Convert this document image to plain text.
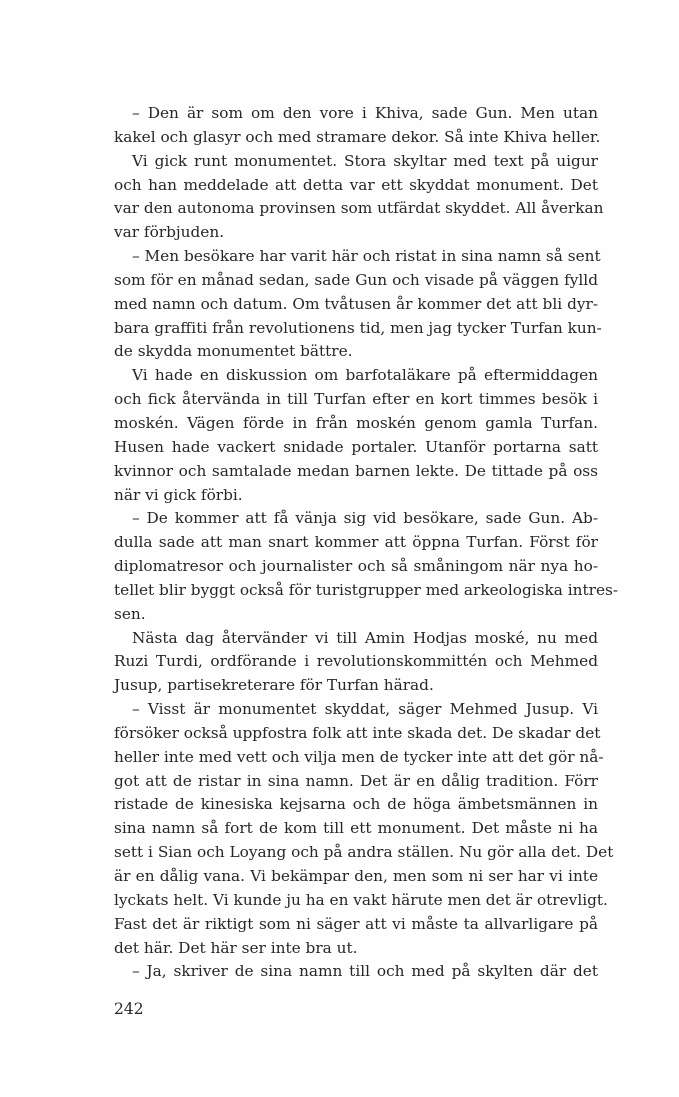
– Den är som om den vore i Khiva, sade Gun. Men utan
kakel och glasyr och med stramare dekor. Så inte Khiva heller.
Vi gick runt monumentet. Stora skyltar med text på uigur
och han meddelade att detta var ett skyddat monument. Det
var den autonoma provinsen som utfärdat skyddet. All åverkan
var förbjuden.
– Men besökare har varit här och ristat in sina namn så sent
som för en månad sedan, sade Gun och visade på väggen fylld
med namn och datum. Om tvåtusen år kommer det att bli dyr-
bara graffiti från revolutionens tid, men jag tycker Turfan kun-
de skydda monumentet bättre.
Vi hade en diskussion om barfotaläkare på eftermiddagen
och fick återvända in till Turfan efter en kort timmes besök i
moskén. Vägen förde in från moskén genom gamla Turfan.
Husen hade vackert snidade portaler. Utanför portarna satt
kvinnor och samtalade medan barnen lekte. De tittade på oss
när vi gick förbi.
– De kommer att få vänja sig vid besökare, sade Gun. Ab-
dulla sade att man snart kommer att öppna Turfan. Först för
diplomatresor och journalister och så småningom när nya ho-
tellet blir byggt också för turistgrupper med arkeologiska intres-
sen.
Nästa dag återvänder vi till Amin Hodjas moské, nu med
Ruzi Turdi, ordförande i revolutionskommittén och Mehmed
Jusup, partisekreterare för Turfan härad.
– Visst är monumentet skyddat, säger Mehmed Jusup. Vi
försöker också uppfostra folk att inte skada det. De skadar det
heller inte med vett och vilja men de tycker inte att det gör nå-
got att de ristar in sina namn. Det är en dålig tradition. Förr
ristade de kinesiska kejsarna och de höga ämbetsmännen in
sina namn så fort de kom till ett monument. Det måste ni ha
sett i Sian och Loyang och på andra ställen. Nu gör alla det. Det
är en dålig vana. Vi bekämpar den, men som ni ser har vi inte
lyckats helt. Vi kunde ju ha en vakt härute men det är otrevligt.
Fast det är riktigt som ni säger att vi måste ta allvarligare på
det här. Det här ser inte bra ut.
– Ja, skriver de sina namn till och med på skylten där det
242
